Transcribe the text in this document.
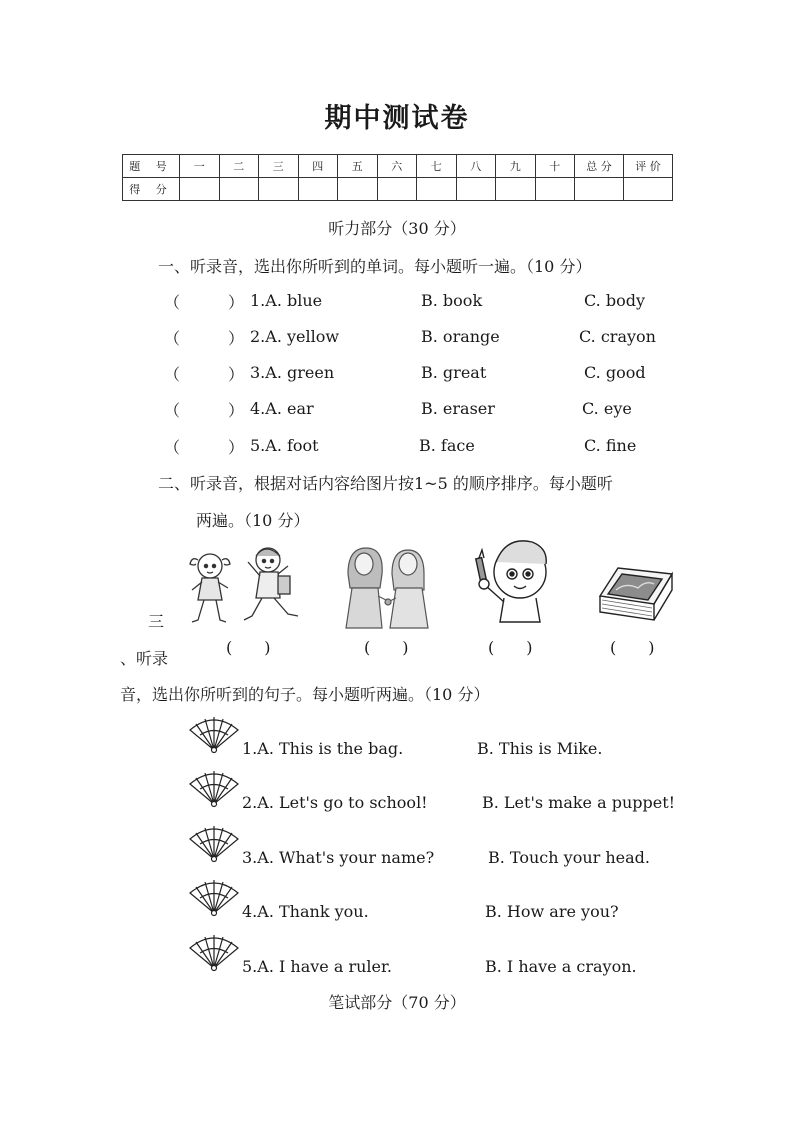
期中测试卷
题 号	一	二	三	四	五	六	七	八	九	十	总 分	评 价
得 分												
听力部分（30 分）
一、听录音，选出你所听到的单词。每小题听一遍。（10 分）
（　　　） 1.A. blue	B. book	C. body
（　　　） 2.A. yellow	B. orange	C. crayon
（　　　） 3.A. green	B. great	C. good
（　　　） 4.A. ear	B. eraser	C. eye
（　　　） 5.A. foot	B. face	C. fine
二、听录音，根据对话内容给图片按1~5 的顺序排序。每小题听
两遍。（10 分）
(　　)	(　　)	(　　)	(　　)
三
、听录
音，选出你所听到的句子。每小题听两遍。（10 分）
1.A. This is the bag.	B. This is Mike.
2.A. Let's go to school!	B. Let's make a puppet!
3.A. What's your name?	B. Touch your head.
4.A. Thank you.	B. How are you?
5.A. I have a ruler.	B. I have a crayon.
笔试部分（70 分）
